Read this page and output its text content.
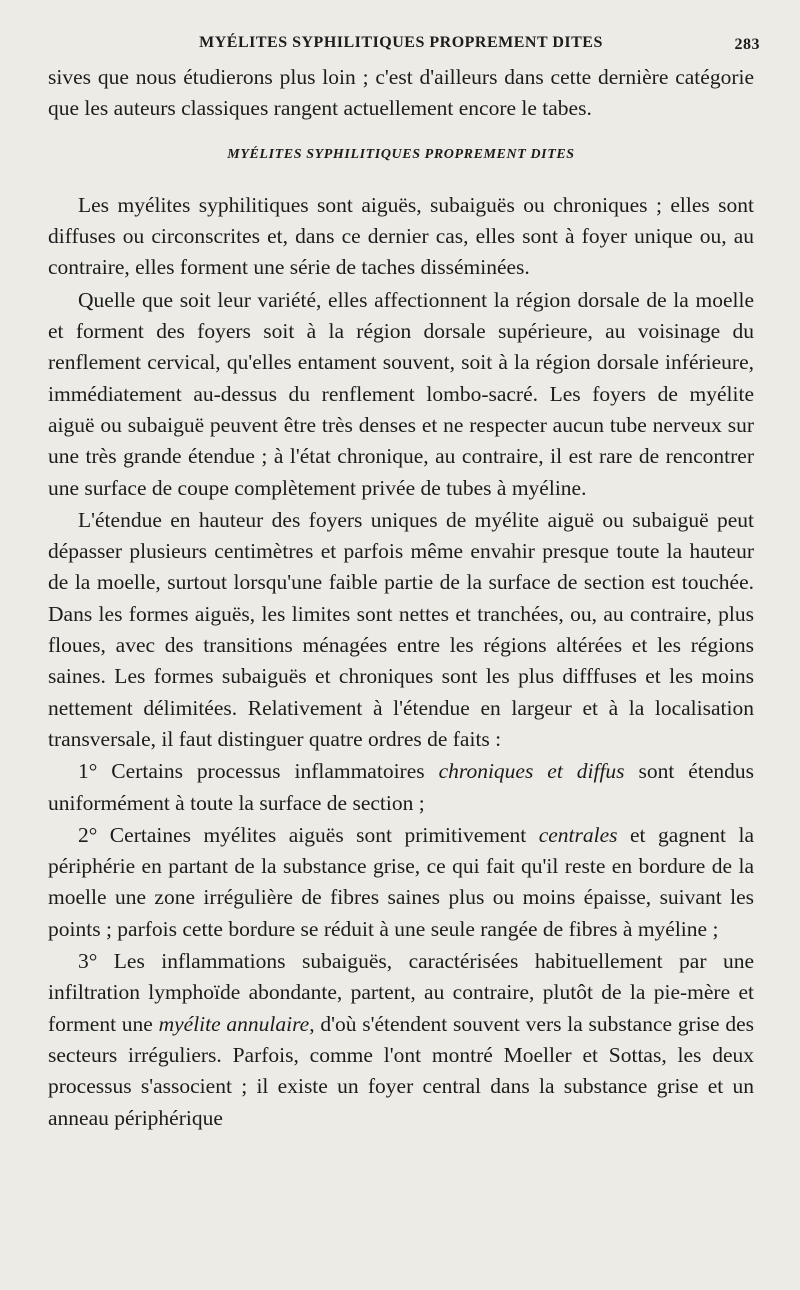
MYÉLITES SYPHILITIQUES PROPREMENT DITES	283

sives que nous étudierons plus loin ; c'est d'ailleurs dans cette dernière catégorie que les auteurs classiques rangent actuellement encore le tabes.

MYÉLITES SYPHILITIQUES PROPREMENT DITES

Les myélites syphilitiques sont aiguës, subaiguës ou chroniques ; elles sont diffuses ou circonscrites et, dans ce dernier cas, elles sont à foyer unique ou, au contraire, elles forment une série de taches disséminées.

Quelle que soit leur variété, elles affectionnent la région dorsale de la moelle et forment des foyers soit à la région dorsale supérieure, au voisinage du renflement cervical, qu'elles entament souvent, soit à la région dorsale inférieure, immédiatement au-dessus du renflement lombo-sacré. Les foyers de myélite aiguë ou subaiguë peuvent être très denses et ne respecter aucun tube nerveux sur une très grande étendue ; à l'état chronique, au contraire, il est rare de rencontrer une surface de coupe complètement privée de tubes à myéline.

L'étendue en hauteur des foyers uniques de myélite aiguë ou subaiguë peut dépasser plusieurs centimètres et parfois même envahir presque toute la hauteur de la moelle, surtout lorsqu'une faible partie de la surface de section est touchée. Dans les formes aiguës, les limites sont nettes et tranchées, ou, au contraire, plus floues, avec des transitions ménagées entre les régions altérées et les régions saines. Les formes subaiguës et chroniques sont les plus difffuses et les moins nettement délimitées. Relativement à l'étendue en largeur et à la localisation transversale, il faut distinguer quatre ordres de faits :

1° Certains processus inflammatoires chroniques et diffus sont étendus uniformément à toute la surface de section ;

2° Certaines myélites aiguës sont primitivement centrales et gagnent la périphérie en partant de la substance grise, ce qui fait qu'il reste en bordure de la moelle une zone irrégulière de fibres saines plus ou moins épaisse, suivant les points ; parfois cette bordure se réduit à une seule rangée de fibres à myéline ;

3° Les inflammations subaiguës, caractérisées habituellement par une infiltration lymphoïde abondante, partent, au contraire, plutôt de la pie-mère et forment une myélite annulaire, d'où s'étendent souvent vers la substance grise des secteurs irréguliers. Parfois, comme l'ont montré Moeller et Sottas, les deux processus s'associent ; il existe un foyer central dans la substance grise et un anneau périphérique
